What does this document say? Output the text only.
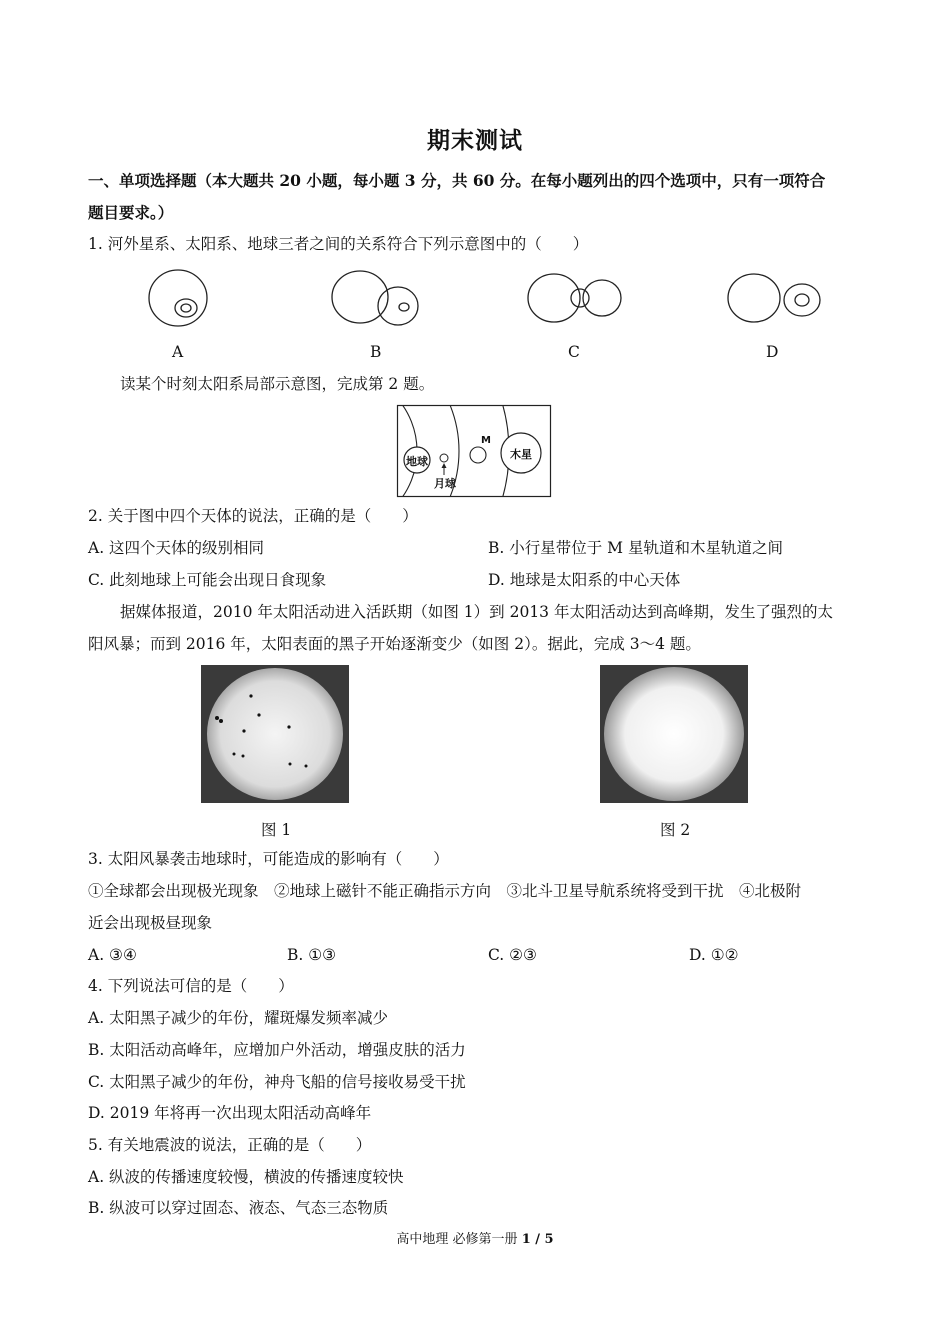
期末测试
一、单项选择题（本大题共 20 小题，每小题 3 分，共 60 分。在每小题列出的四个选项中，只有一项符合
题目要求。）
1. 河外星系、太阳系、地球三者之间的关系符合下列示意图中的（　　）
A	B	C	D
读某个时刻太阳系局部示意图，完成第 2 题。
地球
月球
M
木星
2. 关于图中四个天体的说法，正确的是（　　）
A. 这四个天体的级别相同	B. 小行星带位于 M 星轨道和木星轨道之间
C. 此刻地球上可能会出现日食现象	D. 地球是太阳系的中心天体
据媒体报道，2010 年太阳活动进入活跃期（如图 1）到 2013 年太阳活动达到高峰期，发生了强烈的太
阳风暴；而到 2016 年，太阳表面的黑子开始逐渐变少（如图 2）。据此，完成 3～4 题。
图 1	图 2
3. 太阳风暴袭击地球时，可能造成的影响有（　　）
①全球都会出现极光现象　②地球上磁针不能正确指示方向　③北斗卫星导航系统将受到干扰　④北极附
近会出现极昼现象
A. ③④	B. ①③	C. ②③	D. ①②
4. 下列说法可信的是（　　）
A. 太阳黑子减少的年份，耀斑爆发频率减少
B. 太阳活动高峰年，应增加户外活动，增强皮肤的活力
C. 太阳黑子减少的年份，神舟飞船的信号接收易受干扰
D. 2019 年将再一次出现太阳活动高峰年
5. 有关地震波的说法，正确的是（　　）
A. 纵波的传播速度较慢，横波的传播速度较快
B. 纵波可以穿过固态、液态、气态三态物质
高中地理 必修第一册 1 / 5
